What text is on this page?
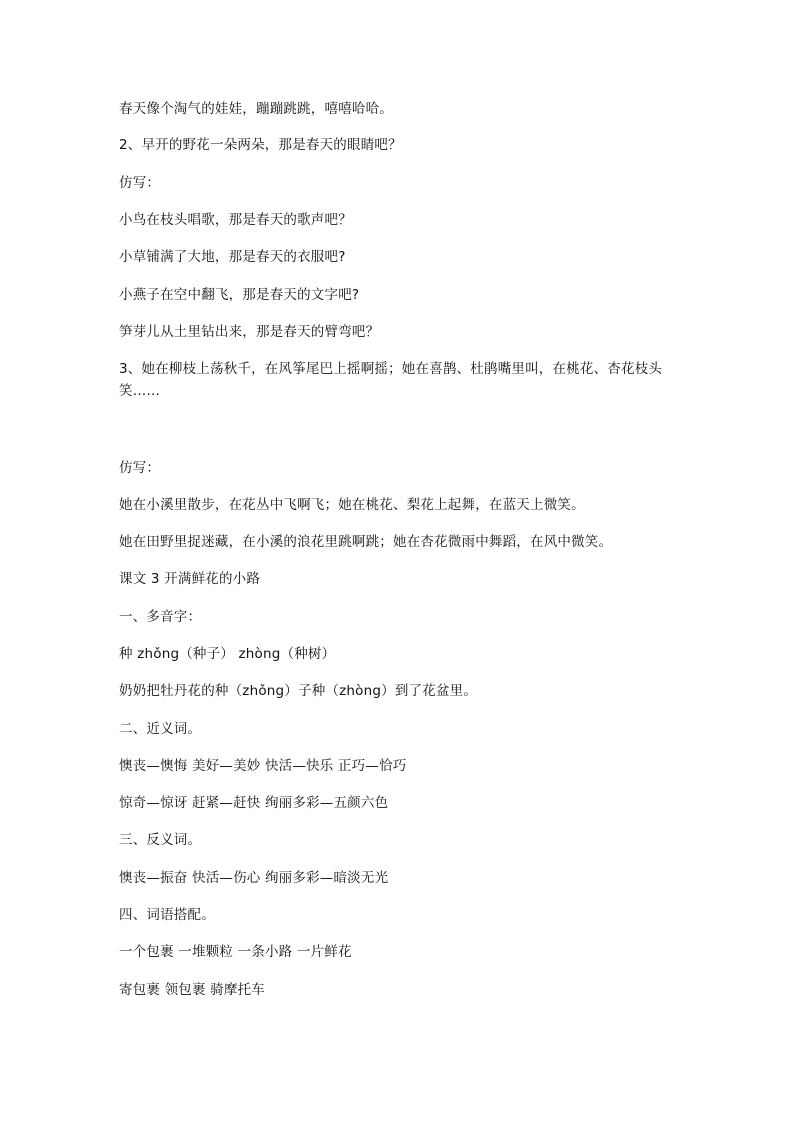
春天像个淘气的娃娃，蹦蹦跳跳，嘻嘻哈哈。
2、早开的野花一朵两朵，那是春天的眼睛吧？
仿写：
小鸟在枝头唱歌，那是春天的歌声吧？
小草铺满了大地，那是春天的衣服吧?
小燕子在空中翻飞，那是春天的文字吧?
笋芽儿从土里钻出来，那是春天的臂弯吧？
3、她在柳枝上荡秋千，在风筝尾巴上摇啊摇；她在喜鹊、杜鹃嘴里叫，在桃花、杏花枝头笑……
仿写：
她在小溪里散步，在花丛中飞啊飞；她在桃花、梨花上起舞，在蓝天上微笑。
她在田野里捉迷藏，在小溪的浪花里跳啊跳；她在杏花微雨中舞蹈，在风中微笑。
课文 3 开满鲜花的小路
一、多音字：
种 zhǒng（种子） zhòng（种树）
奶奶把牡丹花的种（zhǒng）子种（zhòng）到了花盆里。
二、近义词。
懊丧—懊悔 美好—美妙 快活—快乐 正巧—恰巧
惊奇—惊讶 赶紧—赶快 绚丽多彩—五颜六色
三、反义词。
懊丧—振奋 快活—伤心 绚丽多彩—暗淡无光
四、词语搭配。
一个包裹 一堆颗粒 一条小路 一片鲜花
寄包裹 领包裹 骑摩托车
